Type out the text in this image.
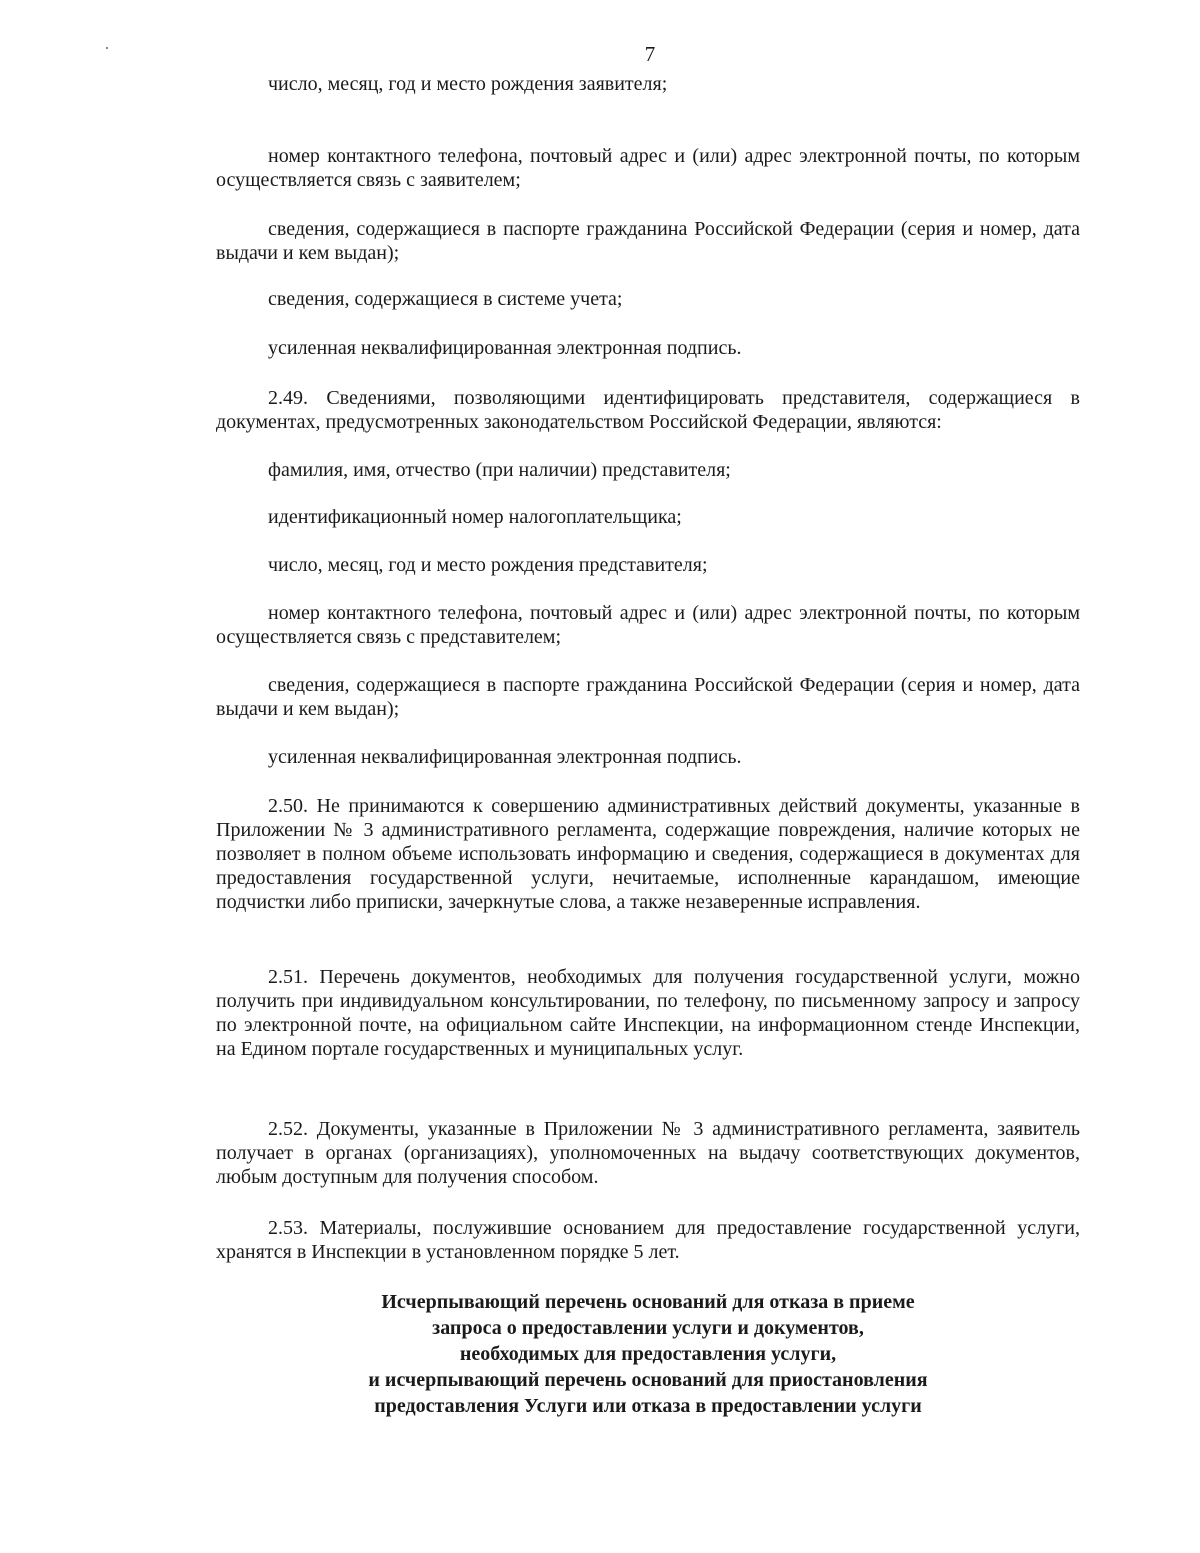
7

число, месяц, год и место рождения заявителя;

номер контактного телефона, почтовый адрес и (или) адрес электронной почты, по которым осуществляется связь с заявителем;

сведения, содержащиеся в паспорте гражданина Российской Федерации (серия и номер, дата выдачи и кем выдан);

сведения, содержащиеся в системе учета;

усиленная неквалифицированная электронная подпись.

2.49. Сведениями, позволяющими идентифицировать представителя, содержащиеся в документах, предусмотренных законодательством Российской Федерации, являются:

фамилия, имя, отчество (при наличии) представителя;

идентификационный номер налогоплательщика;

число, месяц, год и место рождения представителя;

номер контактного телефона, почтовый адрес и (или) адрес электронной почты, по которым осуществляется связь с представителем;

сведения, содержащиеся в паспорте гражданина Российской Федерации (серия и номер, дата выдачи и кем выдан);

усиленная неквалифицированная электронная подпись.

2.50. Не принимаются к совершению административных действий документы, указанные в Приложении № 3 административного регламента, содержащие повреждения, наличие которых не позволяет в полном объеме использовать информацию и сведения, содержащиеся в документах для предоставления государственной услуги, нечитаемые, исполненные карандашом, имеющие подчистки либо приписки, зачеркнутые слова, а также незаверенные исправления.

2.51. Перечень документов, необходимых для получения государственной услуги, можно получить при индивидуальном консультировании, по телефону, по письменному запросу и запросу по электронной почте, на официальном сайте Инспекции, на информационном стенде Инспекции, на Едином портале государственных и муниципальных услуг.

2.52. Документы, указанные в Приложении № 3 административного регламента, заявитель получает в органах (организациях), уполномоченных на выдачу соответствующих документов, любым доступным для получения способом.

2.53. Материалы, послужившие основанием для предоставление государственной услуги, хранятся в Инспекции в установленном порядке 5 лет.

Исчерпывающий перечень оснований для отказа в приеме
запроса о предоставлении услуги и документов,
необходимых для предоставления услуги,
и исчерпывающий перечень оснований для приостановления
предоставления Услуги или отказа в предоставлении услуги
